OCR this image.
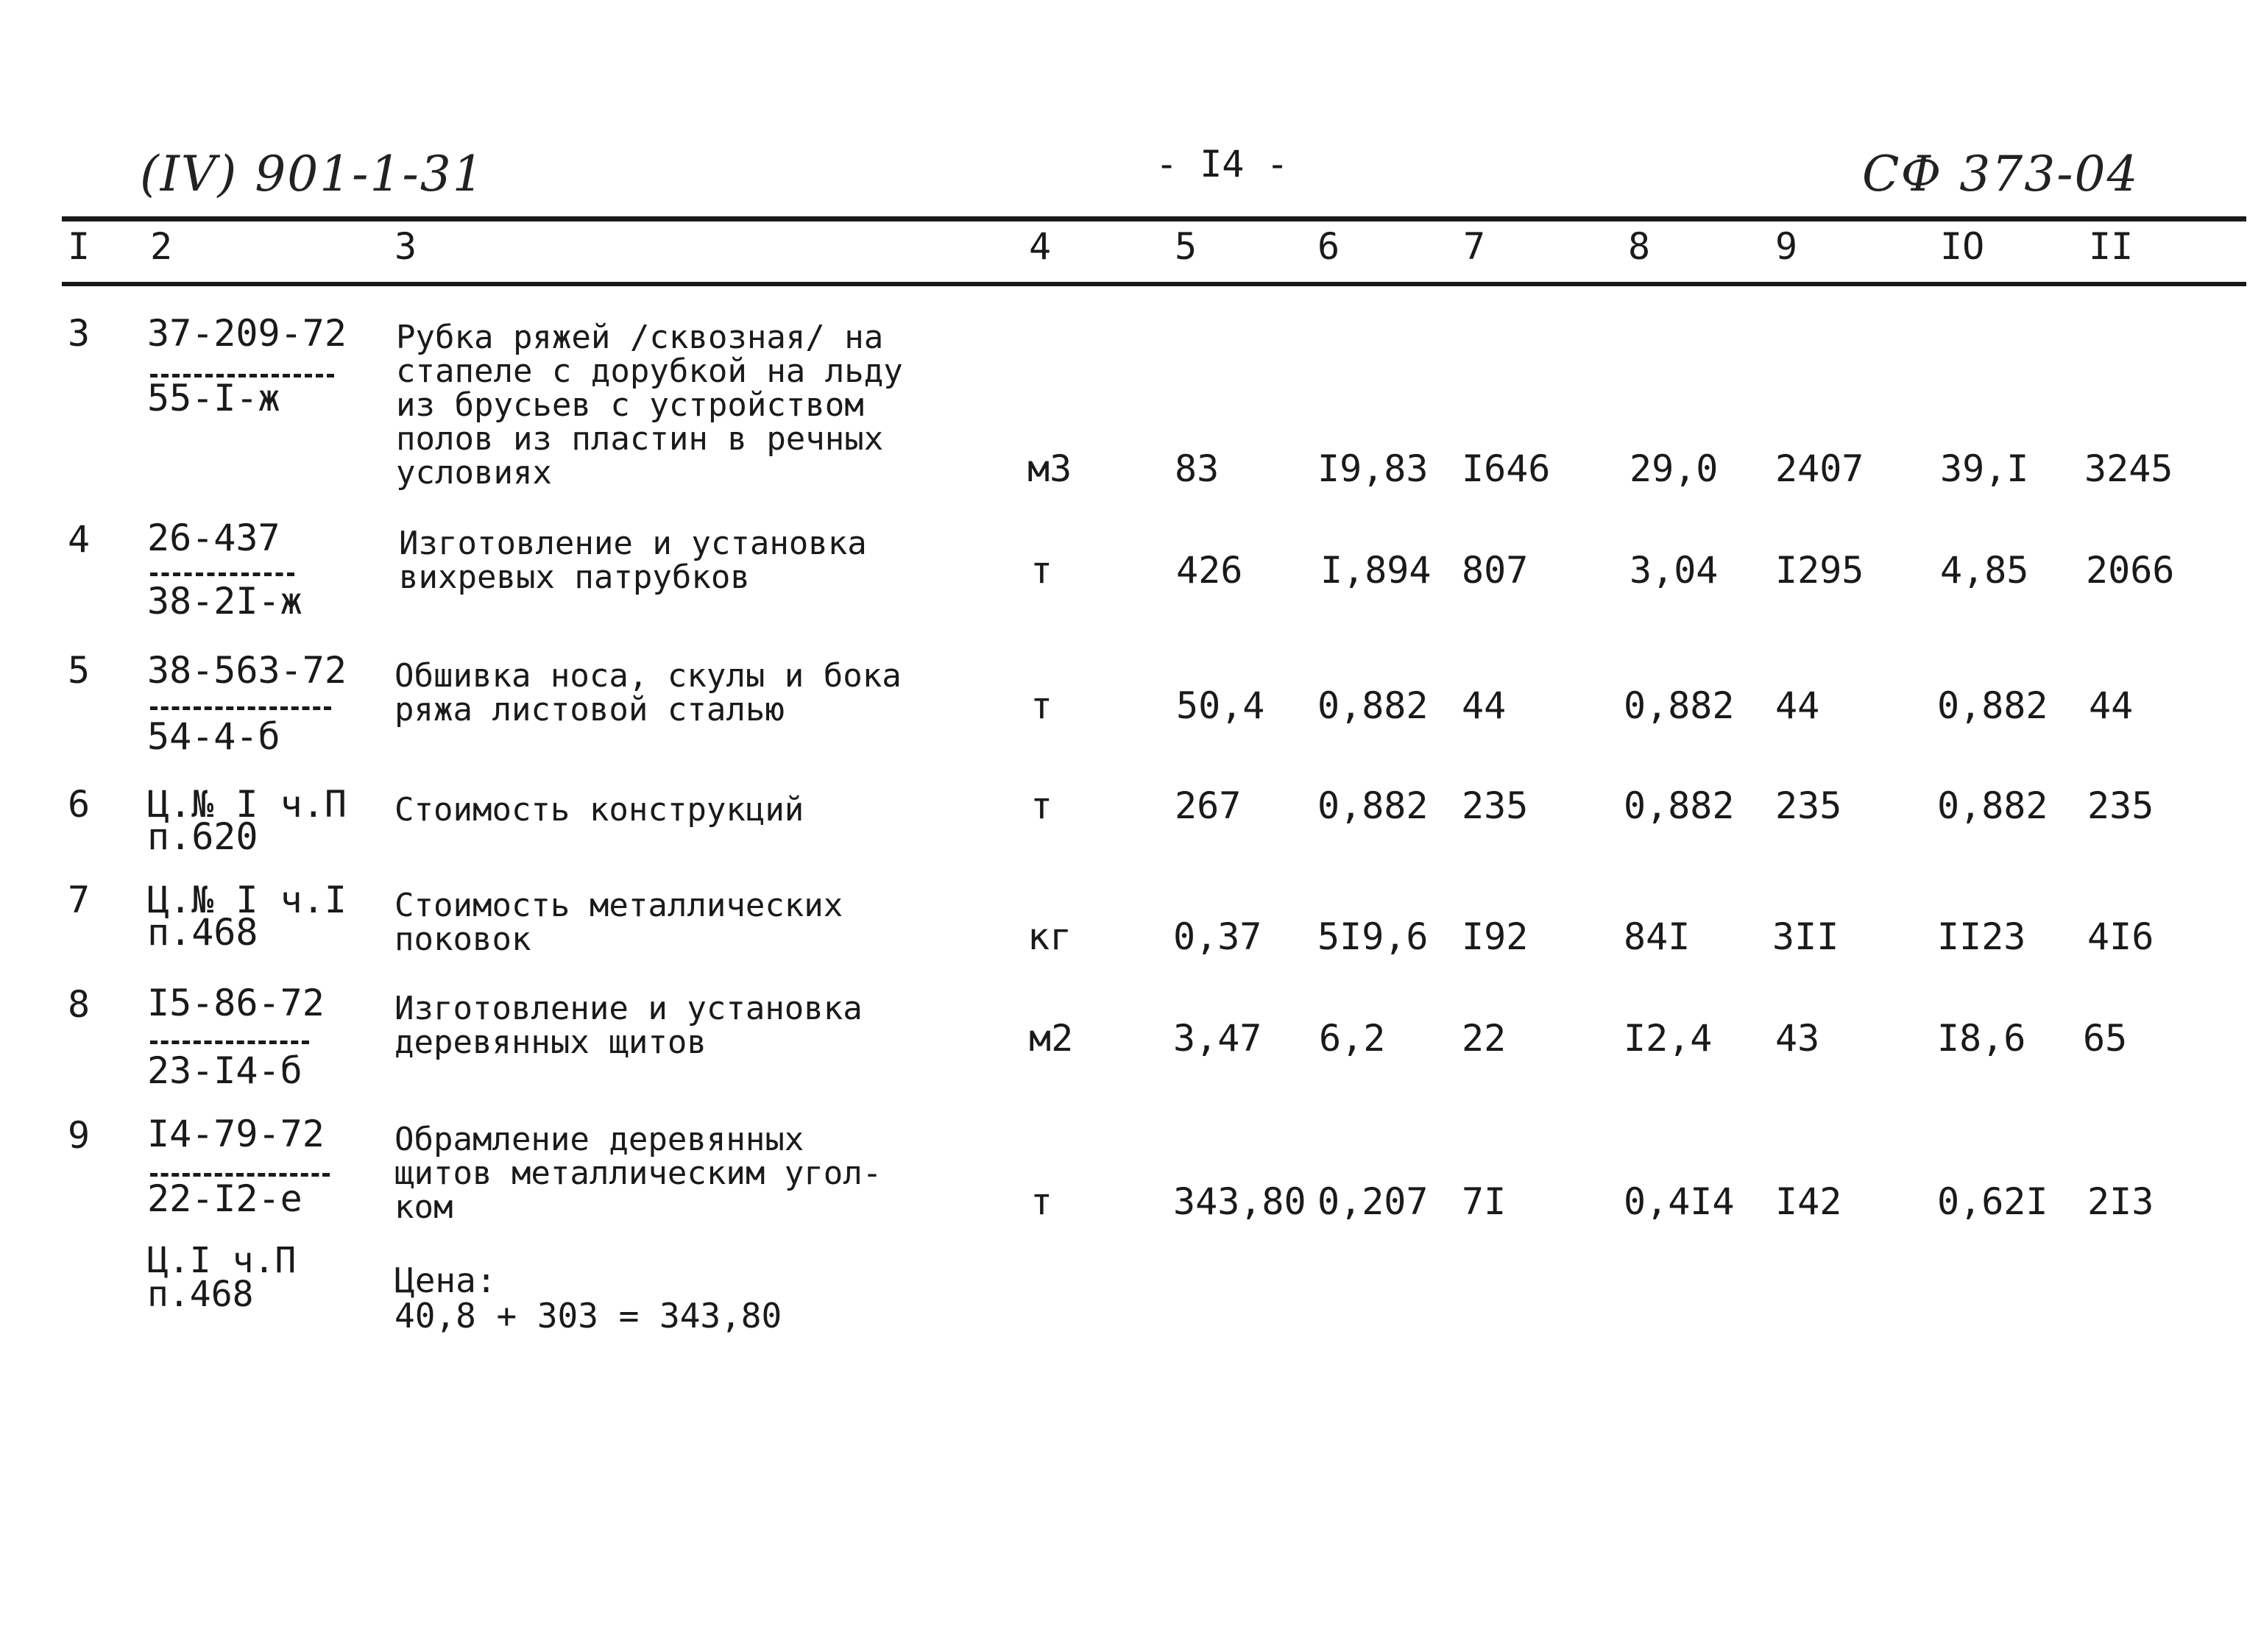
(IV) 901-1-31	- I4 -	СФ 373-04
I 2	3	4	5	6	7	8	9	IO	II
3 37-209-72
55-I-ж
Рубка ряжей /сквозная/ на
стапеле с дорубкой на льду
из брусьев с устройством
полов из пластин в речных
условиях	м3	83	I9,83 I646 29,0 2407 39,I 3245
4 26-437
38-2I-ж
Изготовление и установка
вихревых патрубков	т	426 I,894 807	3,04 I295 4,85 2066
5 38-563-72
54-4-б
Обшивка носа, скулы и бока
ряжа листовой сталью	т	50,4 0,882 44	0,882 44	0,882 44
6 Ц.№ I ч.П
п.620
Стоимость конструкций	т	267 0,882 235	0,882 235	0,882 235
7 Ц.№ I ч.I
п.468
Стоимость металлических
поковок	кг	0,37 5I9,6 I92	84I 3II	II23 4I6
8 I5-86-72
23-I4-б
Изготовление и установка
деревянных щитов	м2	3,47 6,2 22	I2,4 43	I8,6 65
9 I4-79-72
22-I2-е
Ц.I ч.П
п.468
Обрамление деревянных
щитов металлическим угол-
ком	т	343,80 0,207 7I	0,4I4 I42	0,62I 2I3
Цена:
40,8 + 303 = 343,80
